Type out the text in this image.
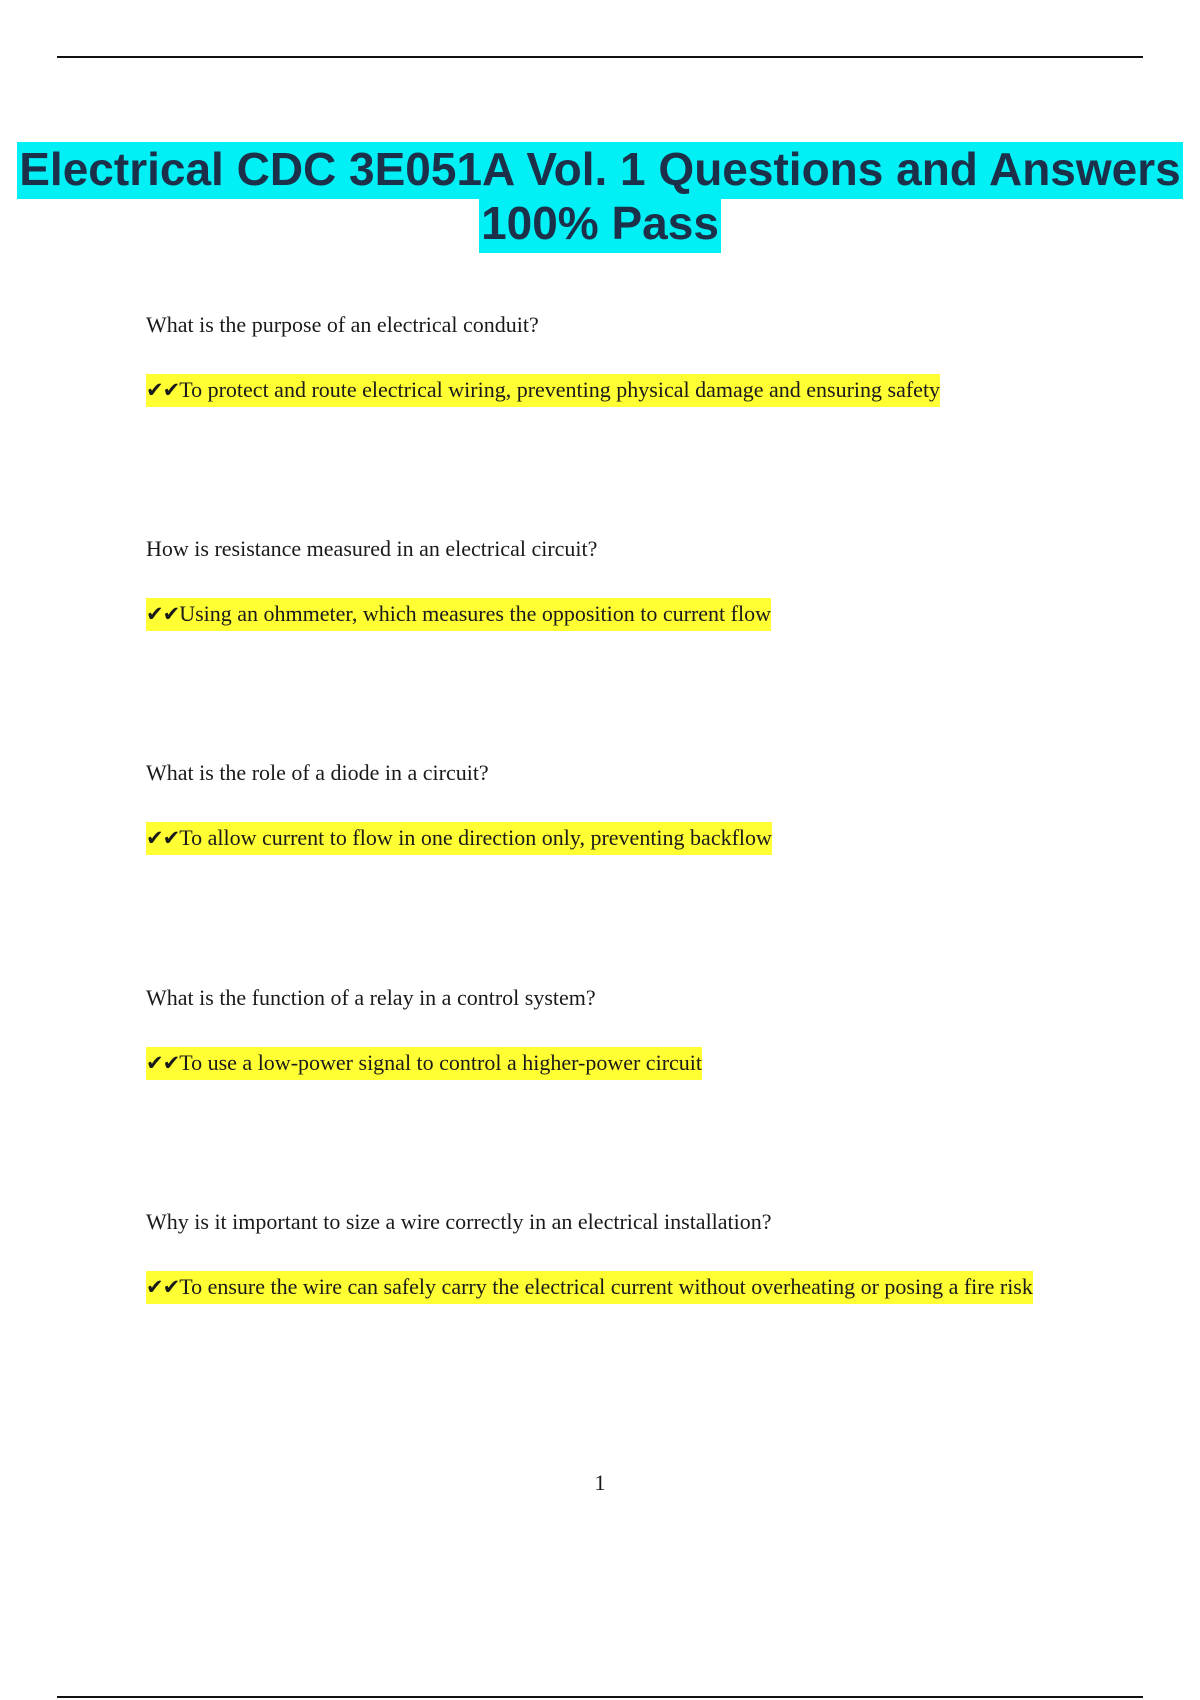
Electrical CDC 3E051A Vol. 1 Questions and Answers 100% Pass

What is the purpose of an electrical conduit?

✔✔To protect and route electrical wiring, preventing physical damage and ensuring safety

How is resistance measured in an electrical circuit?

✔✔Using an ohmmeter, which measures the opposition to current flow

What is the role of a diode in a circuit?

✔✔To allow current to flow in one direction only, preventing backflow

What is the function of a relay in a control system?

✔✔To use a low-power signal to control a higher-power circuit

Why is it important to size a wire correctly in an electrical installation?

✔✔To ensure the wire can safely carry the electrical current without overheating or posing a fire risk

1
